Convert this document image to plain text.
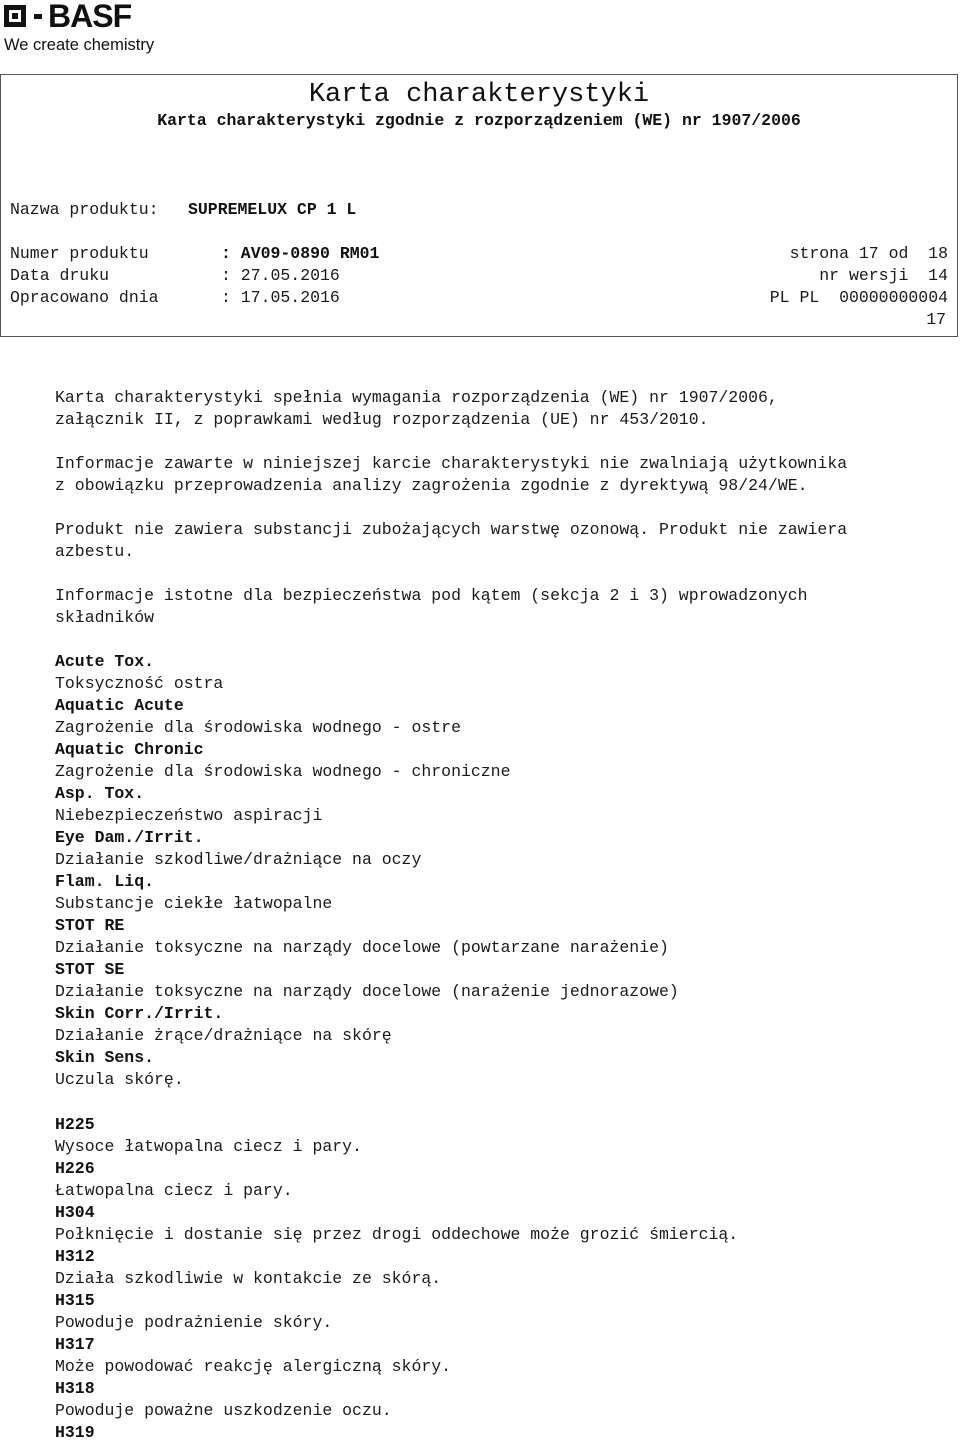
BASF
We create chemistry
Karta charakterystyki
Karta charakterystyki zgodnie z rozporządzeniem (WE) nr 1907/2006
Nazwa produktu: SUPREMELUX CP 1 L
Numer produktu	: AV09-0890 RM01	strona 17 od  18
Data druku	: 27.05.2016	nr wersji  14
Opracowano dnia	: 17.05.2016	PL PL  00000000004
17
Karta charakterystyki spełnia wymagania rozporządzenia (WE) nr 1907/2006,
załącznik II, z poprawkami według rozporządzenia (UE) nr 453/2010.
Informacje zawarte w niniejszej karcie charakterystyki nie zwalniają użytkownika
z obowiązku przeprowadzenia analizy zagrożenia zgodnie z dyrektywą 98/24/WE.
Produkt nie zawiera substancji zubożających warstwę ozonową. Produkt nie zawiera
azbestu.
Informacje istotne dla bezpieczeństwa pod kątem (sekcja 2 i 3) wprowadzonych
składników
Acute Tox.
Toksyczność ostra
Aquatic Acute
Zagrożenie dla środowiska wodnego - ostre
Aquatic Chronic
Zagrożenie dla środowiska wodnego - chroniczne
Asp. Tox.
Niebezpieczeństwo aspiracji
Eye Dam./Irrit.
Działanie szkodliwe/drażniące na oczy
Flam. Liq.
Substancje ciekłe łatwopalne
STOT RE
Działanie toksyczne na narządy docelowe (powtarzane narażenie)
STOT SE
Działanie toksyczne na narządy docelowe (narażenie jednorazowe)
Skin Corr./Irrit.
Działanie żrące/drażniące na skórę
Skin Sens.
Uczula skórę.
H225
Wysoce łatwopalna ciecz i pary.
H226
Łatwopalna ciecz i pary.
H304
Połknięcie i dostanie się przez drogi oddechowe może grozić śmiercią.
H312
Działa szkodliwie w kontakcie ze skórą.
H315
Powoduje podrażnienie skóry.
H317
Może powodować reakcję alergiczną skóry.
H318
Powoduje poważne uszkodzenie oczu.
H319
